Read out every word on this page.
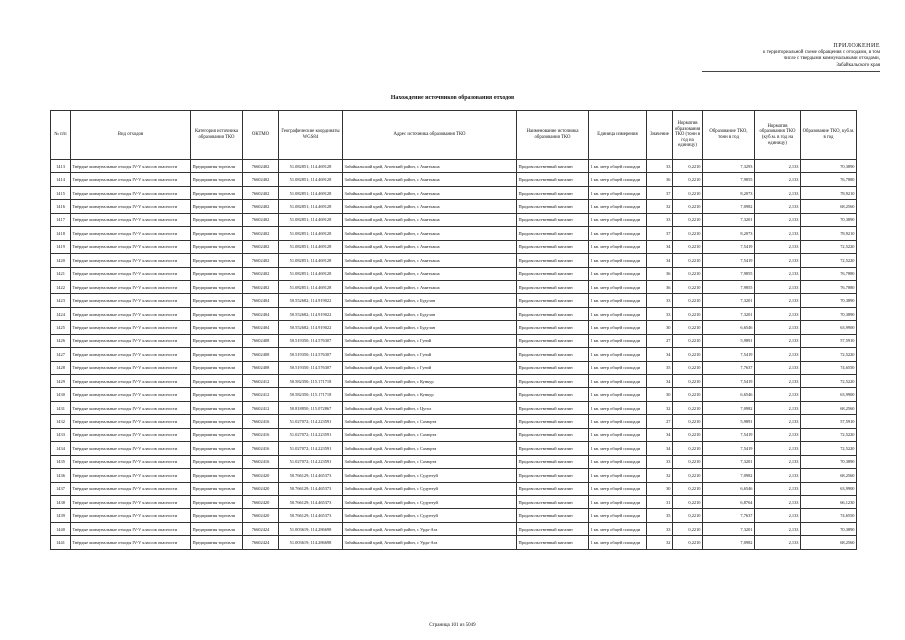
ПРИЛОЖЕНИЕ
к территориальной схеме обращения с отходами, в том
числе с твердыми коммунальными отходами,
Забайкальского края
Нахождение источников образования отходов
№ п/п	Вид отходов	Категория источника образования ТКО	ОКТМО	Географические координаты WGS84	Адрес источника образования ТКО	Наименование источника образования ТКО	Единица измерения	Значение	Норматив образования ТКО (тонн в год на единицу)	Образование ТКО, тонн в год	Норматив образования ТКО (куб.м. в год на единицу)	Образование ТКО, куб.м. в год
1413	Твёрдые коммунальные отходы IV-V классов опасности	Предприятия торговли	76602402	51.082851; 114.469128	Забайкальский край, Агинский район, с Амитхаша	Продовольственный магазин	1 кв. метр общей площади	33	0,2210	7,3293	2,133	70,3890
1414	Твёрдые коммунальные отходы IV-V классов опасности	Предприятия торговли	76602402	51.082851; 114.469128	Забайкальский край, Агинский район, с Амитхаша	Продовольственный магазин	1 кв. метр общей площади	36	0,2210	7,9855	2,133	76,7880
1415	Твёрдые коммунальные отходы IV-V классов опасности	Предприятия торговли	76602402	51.082851; 114.469128	Забайкальский край, Агинский район, с Амитхаша	Продовольственный магазин	1 кв. метр общей площади	37	0,2210	8,2073	2,133	78,9210
1416	Твёрдые коммунальные отходы IV-V классов опасности	Предприятия торговли	76602402	51.082851; 114.469128	Забайкальский край, Агинский район, с Амитхаша	Продовольственный магазин	1 кв. метр общей площади	32	0,2210	7,0982	2,133	68,2560
1417	Твёрдые коммунальные отходы IV-V классов опасности	Предприятия торговли	76602402	51.082851; 114.469128	Забайкальский край, Агинский район, с Амитхаша	Продовольственный магазин	1 кв. метр общей площади	33	0,2210	7,3201	2,133	70,3890
1418	Твёрдые коммунальные отходы IV-V классов опасности	Предприятия торговли	76602402	51.082851; 114.469128	Забайкальский край, Агинский район, с Амитхаша	Продовольственный магазин	1 кв. метр общей площади	37	0,2210	8,2073	2,133	78,9210
1419	Твёрдые коммунальные отходы IV-V классов опасности	Предприятия торговли	76602402	51.082851; 114.469128	Забайкальский край, Агинский район, с Амитхаша	Продовольственный магазин	1 кв. метр общей площади	34	0,2210	7,5419	2,133	72,5220
1420	Твёрдые коммунальные отходы IV-V классов опасности	Предприятия торговли	76602402	51.082851; 114.469128	Забайкальский край, Агинский район, с Амитхаша	Продовольственный магазин	1 кв. метр общей площади	34	0,2210	7,5419	2,133	72,5220
1421	Твёрдые коммунальные отходы IV-V классов опасности	Предприятия торговли	76602402	51.082851; 114.469128	Забайкальский край, Агинский район, с Амитхаша	Продовольственный магазин	1 кв. метр общей площади	36	0,2210	7,9855	2,133	76,7880
1422	Твёрдые коммунальные отходы IV-V классов опасности	Предприятия торговли	76602402	51.082851; 114.469128	Забайкальский край, Агинский район, с Амитхаша	Продовольственный магазин	1 кв. метр общей площади	36	0,2210	7,9855	2,133	76,7880
1423	Твёрдые коммунальные отходы IV-V классов опасности	Предприятия торговли	76602404	50.552682; 114.919022	Забайкальский край, Агинский район, с Будулан	Продовольственный магазин	1 кв. метр общей площади	33	0,2210	7,3201	2,133	70,3890
1424	Твёрдые коммунальные отходы IV-V классов опасности	Предприятия торговли	76602404	50.552682; 114.919022	Забайкальский край, Агинский район, с Будулан	Продовольственный магазин	1 кв. метр общей площади	33	0,2210	7,3201	2,133	70,3890
1425	Твёрдые коммунальные отходы IV-V классов опасности	Предприятия торговли	76602404	50.552682; 114.919022	Забайкальский край, Агинский район, с Будулан	Продовольственный магазин	1 кв. метр общей площади	30	0,2210	6,6546	2,133	63,9900
1426	Твёрдые коммунальные отходы IV-V классов опасности	Предприятия торговли	76602408	50.519350; 114.576307	Забайкальский край, Агинский район, с Гунэй	Продовольственный магазин	1 кв. метр общей площади	27	0,2210	5,9891	2,133	57,5910
1427	Твёрдые коммунальные отходы IV-V классов опасности	Предприятия торговли	76602408	50.519350; 114.576307	Забайкальский край, Агинский район, с Гунэй	Продовольственный магазин	1 кв. метр общей площади	34	0,2210	7,5419	2,133	72,5220
1428	Твёрдые коммунальные отходы IV-V классов опасности	Предприятия торговли	76602408	50.519350; 114.576307	Забайкальский край, Агинский район, с Гунэй	Продовольственный магазин	1 кв. метр общей площади	35	0,2210	7,7637	2,133	74,6550
1429	Твёрдые коммунальные отходы IV-V классов опасности	Предприятия торговли	76602412	50.582350; 115.171718	Забайкальский край, Агинский район, с Кункур	Продовольственный магазин	1 кв. метр общей площади	34	0,2210	7,5419	2,133	72,5220
1430	Твёрдые коммунальные отходы IV-V классов опасности	Предприятия торговли	76602412	50.582350; 115.171718	Забайкальский край, Агинский район, с Кункур	Продовольственный магазин	1 кв. метр общей площади	30	0,2210	6,6546	2,133	63,9900
1431	Твёрдые коммунальные отходы IV-V классов опасности	Предприятия торговли	76602412	50.818850; 115.072867	Забайкальский край, Агинский район, с Цугол	Продовольственный магазин	1 кв. метр общей площади	32	0,2210	7,0982	2,133	68,2560
1432	Твёрдые коммунальные отходы IV-V классов опасности	Предприятия торговли	76602416	51.027072; 114.223591	Забайкальский край, Агинский район, с Сахюрта	Продовольственный магазин	1 кв. метр общей площади	27	0,2210	5,9891	2,133	57,5910
1433	Твёрдые коммунальные отходы IV-V классов опасности	Предприятия торговли	76602416	51.027072; 114.223591	Забайкальский край, Агинский район, с Сахюрта	Продовольственный магазин	1 кв. метр общей площади	34	0,2210	7,5419	2,133	72,5220
1434	Твёрдые коммунальные отходы IV-V классов опасности	Предприятия торговли	76602416	51.027072; 114.223591	Забайкальский край, Агинский район, с Сахюрта	Продовольственный магазин	1 кв. метр общей площади	34	0,2210	7,5419	2,133	72,5220
1435	Твёрдые коммунальные отходы IV-V классов опасности	Предприятия торговли	76602416	51.027072; 114.223591	Забайкальский край, Агинский район, с Сахюрта	Продовольственный магазин	1 кв. метр общей площади	33	0,2210	7,3201	2,133	70,3890
1436	Твёрдые коммунальные отходы IV-V классов опасности	Предприятия торговли	76602420	50.766129; 114.465373	Забайкальский край, Агинский район, с Судунтуй	Продовольственный магазин	1 кв. метр общей площади	32	0,2210	7,0982	2,133	68,2560
1437	Твёрдые коммунальные отходы IV-V классов опасности	Предприятия торговли	76602420	50.766129; 114.465373	Забайкальский край, Агинский район, с Судунтуй	Продовольственный магазин	1 кв. метр общей площади	30	0,2210	6,6546	2,133	63,9900
1438	Твёрдые коммунальные отходы IV-V классов опасности	Предприятия торговли	76602420	50.766129; 114.465373	Забайкальский край, Агинский район, с Судунтуй	Продовольственный магазин	1 кв. метр общей площади	31	0,2210	6,8764	2,133	66,1230
1439	Твёрдые коммунальные отходы IV-V классов опасности	Предприятия торговли	76602420	50.766129; 114.465373	Забайкальский край, Агинский район, с Судунтуй	Продовольственный магазин	1 кв. метр общей площади	35	0,2210	7,7637	2,133	74,6550
1440	Твёрдые коммунальные отходы IV-V классов опасности	Предприятия торговли	76602424	51.003619; 114.286698	Забайкальский край, Агинский район, с Урда-Ага	Продовольственный магазин	1 кв. метр общей площади	33	0,2210	7,3201	2,133	70,3890
1441	Твёрдые коммунальные отходы IV-V классов опасности	Предприятия торговли	76602424	51.003619; 114.286698	Забайкальский край, Агинский район, с Урда-Ага	Продовольственный магазин	1 кв. метр общей площади	32	0,2210	7,0982	2,133	68,2560
Страница 101 из 5049
